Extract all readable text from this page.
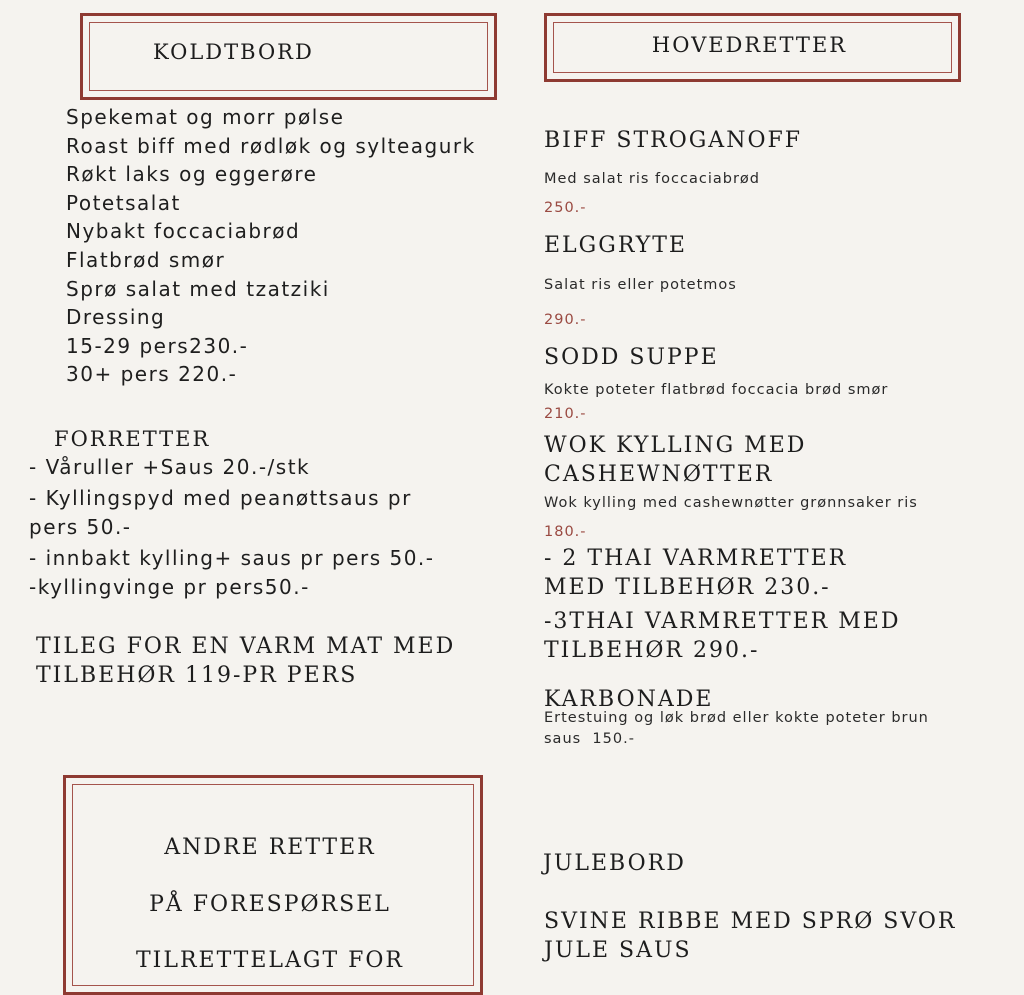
KOLDTBORD
Spekemat og morr pølse
Roast biff med rødløk og sylteagurk
Røkt laks og eggerøre
Potetsalat
Nybakt foccaciabrød
Flatbrød smør
Sprø salat med tzatziki
Dressing
15-29 pers230.-
30+ pers 220.-
FORRETTER
- Våruller +Saus 20.-/stk
- Kyllingspyd med peanøttsaus pr
pers 50.-
- innbakt kylling+ saus pr pers 50.-
-kyllingvinge pr pers50.-
TILEG FOR EN VARM MAT MED
TILBEHØR 119-PR PERS
ANDRE RETTER
PÅ FORESPØRSEL
TILRETTELAGT FOR
HOVEDRETTER
BIFF STROGANOFF
Med salat ris foccaciabrød
250.-
ELGGRYTE
Salat ris eller potetmos
290.-
SODD SUPPE
Kokte poteter flatbrød foccacia brød smør
210.-
WOK KYLLING MED
CASHEWNØTTER
Wok kylling med cashewnøtter grønnsaker ris
180.-
- 2 THAI VARMRETTER
MED TILBEHØR 230.-
-3THAI VARMRETTER MED
TILBEHØR 290.-
KARBONADE
Ertestuing og løk brød eller kokte poteter brun
saus  150.-
JULEBORD
SVINE RIBBE MED SPRØ SVOR
JULE SAUS
